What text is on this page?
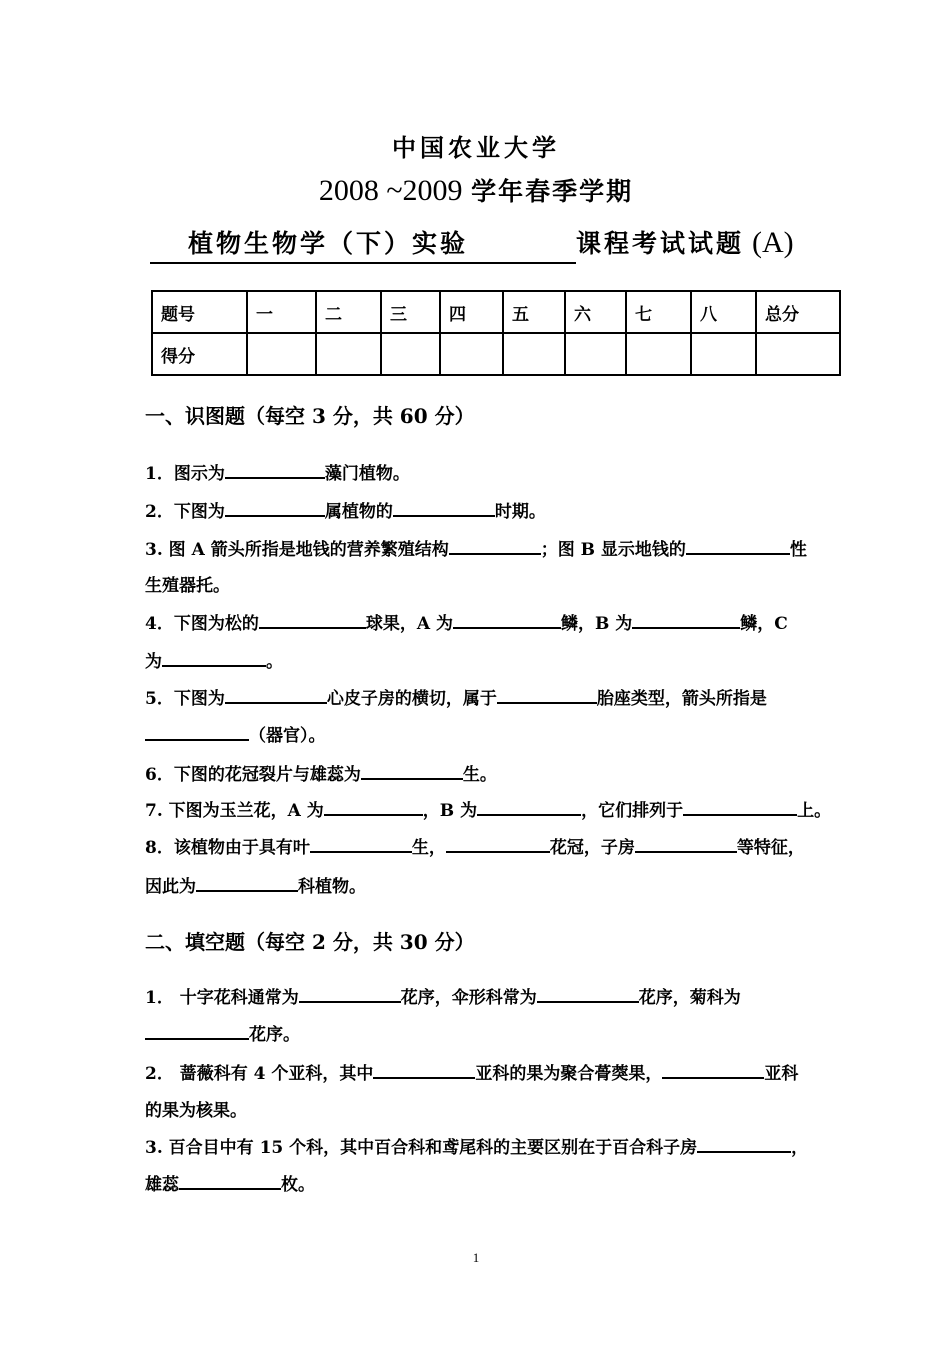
中国农业大学
2008 ~2009 学年春季学期
植物生物学（下）实验	课程考试试题 (A)
题号	一	二	三	四	五	六	七	八	总分
得分									
一、识图题（每空 3 分，共 60 分）
1．图示为	藻门植物。
2．下图为	属植物的	时期。
3. 图 A 箭头所指是地钱的营养繁殖结构	；图 B 显示地钱的	性
生殖器托。
4．下图为松的	球果，A 为	鳞，B 为	鳞，C
为	。
5．下图为	心皮子房的横切，属于	胎座类型，箭头所指是
（器官）。
6．下图的花冠裂片与雄蕊为	生。
7. 下图为玉兰花，A 为	，B 为	，它们排列于	上。
8．该植物由于具有叶	生，	花冠，子房	等特征，
因此为	科植物。
二、填空题（每空 2 分，共 30 分）
1． 十字花科通常为	花序，伞形科常为	花序，菊科为
花序。
2． 蔷薇科有 4 个亚科，其中	亚科的果为聚合蓇葖果，	亚科
的果为核果。
3. 百合目中有 15 个科，其中百合科和鸢尾科的主要区别在于百合科子房	，
雄蕊	枚。
1
